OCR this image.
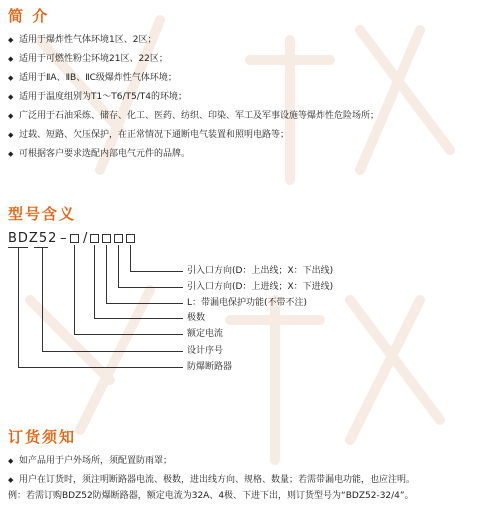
简 介
◆ 适用于爆炸性气体环境1区、2区；
◆ 适用于可燃性粉尘环境21区、22区；
◆ 适用于ⅡA、ⅡB、ⅡC级爆炸性气体环境；
◆ 适用于温度组别为T1～T6/T5/T4的环境；
◆ 广泛用于石油采炼、储存、化工、医药、纺织、印染、军工及军事设施等爆炸性危险场所；
◆ 过载、短路、欠压保护，在正常情况下通断电气装置和照明电路等；
◆ 可根据客户要求选配内部电气元件的品牌。
型号含义
BDZ52 – /
引入口方向(D：上出线；X：下出线)
引入口方向(D：上进线；X：下进线)
L：带漏电保护功能(不带不注)
极数
额定电流
设计序号
防爆断路器
订货须知
◆ 如产品用于户外场所，须配置防雨罩；
◆ 用户在订货时，须注明断路器电流、极数，进出线方向、规格、数量；若需带漏电功能，也应注明。
例：若需订购BDZ52防爆断路器，额定电流为32A、4极、下进下出，则订货型号为“BDZ52-32/4”。
